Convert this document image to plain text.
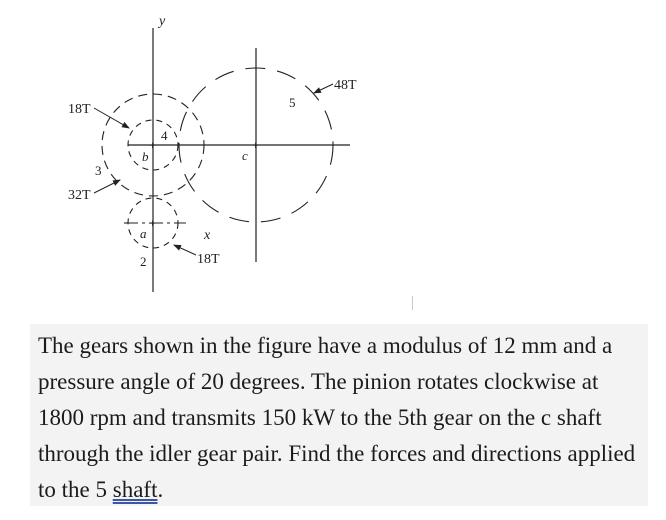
y
+
+	+
a
b	c
x
2
3
4
5
18T
32T
18T
48T

The gears shown in the figure have a modulus of 12 mm and a pressure angle of 20 degrees. The pinion rotates clockwise at 1800 rpm and transmits 150 kW to the 5th gear on the c shaft through the idler gear pair. Find the forces and directions applied to the 5 shaft.
